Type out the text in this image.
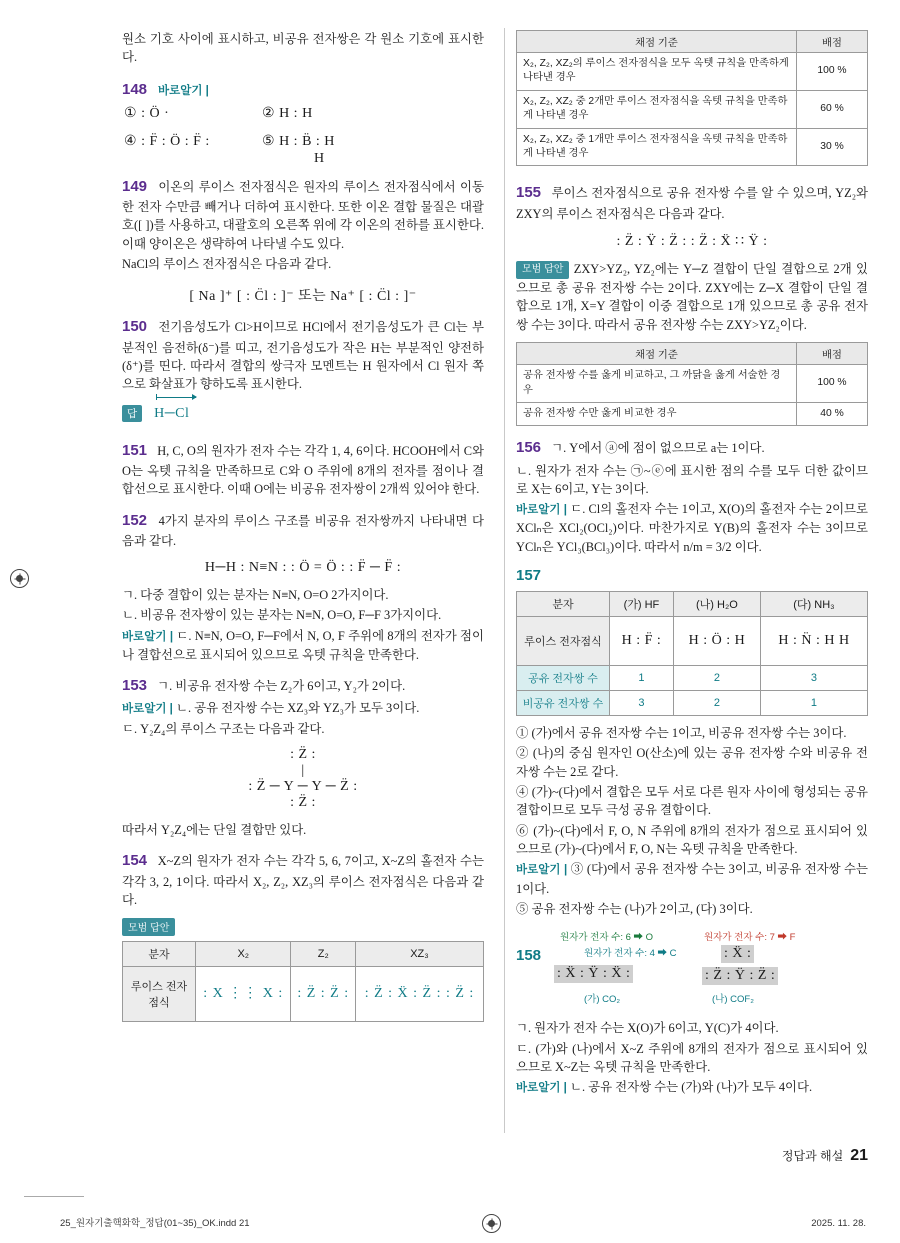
원소 기호 사이에 표시하고, 비공유 전자쌍은 각 원소 기호에 표시한다.

148 바로알기 |
① : Ö ·	② H : H
④ : F̈ : Ö : F̈ :	⑤ H : B̈ : H
H

149 이온의 루이스 전자점식은 원자의 루이스 전자점식에서 이동한 전자 수만큼 빼거나 더하여 표시한다. 또한 이온 결합 물질은 대괄호([ ])를 사용하고, 대괄호의 오른쪽 위에 각 이온의 전하를 표시한다. 이때 양이온은 생략하여 나타낼 수도 있다.

NaCl의 루이스 전자점식은 다음과 같다.

[ Na ]⁺ [ : C̈l : ]⁻ 또는 Na⁺ [ : C̈l : ]⁻

150 전기음성도가 Cl>H이므로 HCl에서 전기음성도가 큰 Cl는 부분적인 음전하(δ⁻)를 띠고, 전기음성도가 작은 H는 부분적인 양전하(δ⁺)를 띤다. 따라서 결합의 쌍극자 모멘트는 H 원자에서 Cl 원자 쪽으로 화살표가 향하도록 표시한다.

답 H─Cl

151 H, C, O의 원자가 전자 수는 각각 1, 4, 6이다. HCOOH에서 C와 O는 옥텟 규칙을 만족하므로 C와 O 주위에 8개의 전자를 점이나 결합선으로 표시한다. 이때 O에는 비공유 전자쌍이 2개씩 있어야 한다.

152 4가지 분자의 루이스 구조를 비공유 전자쌍까지 나타내면 다음과 같다.

H─H : N≡N : : Ö = Ö : : F̈ ─ F̈ :

ㄱ. 다중 결합이 있는 분자는 N≡N, O=O 2가지이다.

ㄴ. 비공유 전자쌍이 있는 분자는 N≡N, O=O, F─F 3가지이다.

바로알기 | ㄷ. N≡N, O=O, F─F에서 N, O, F 주위에 8개의 전자가 점이나 결합선으로 표시되어 있으므로 옥텟 규칙을 만족한다.

153 ㄱ. 비공유 전자쌍 수는 Z₂가 6이고, Y₂가 2이다.

바로알기 | ㄴ. 공유 전자쌍 수는 XZ₃와 YZ₃가 모두 3이다.

ㄷ. Y₂Z₄의 루이스 구조는 다음과 같다.

: Z̈ :
|
: Z̈ ─ Y ─ Y ─ Z̈ :
: Z̈ :

따라서 Y₂Z₄에는 단일 결합만 있다.

154 X~Z의 원자가 전자 수는 각각 5, 6, 7이고, X~Z의 홀전자 수는 각각 3, 2, 1이다. 따라서 X₂, Z₂, XZ₃의 루이스 전자점식은 다음과 같다.

모범 답안
분자	X₂	Z₂	XZ₃
루이스 전자점식	: X ⋮⋮ X :	: Z̈ : Z̈ :	: Z̈ : Ẍ : Z̈ : : Z̈ :
채점 기준	배점
X₂, Z₂, XZ₂의 루이스 전자점식을 모두 옥텟 규칙을 만족하게 나타낸 경우	100 %
X₂, Z₂, XZ₂ 중 2개만 루이스 전자점식을 옥텟 규칙을 만족하게 나타낸 경우	60 %
X₂, Z₂, XZ₂ 중 1개만 루이스 전자점식을 옥텟 규칙을 만족하게 나타낸 경우	30 %

155 루이스 전자점식으로 공유 전자쌍 수를 알 수 있으며, YZ₂와 ZXY의 루이스 전자점식은 다음과 같다.

: Z̈ : Ÿ : Z̈ : : Z̈ : Ẍ ∷ Ÿ :

모범 답안 ZXY>YZ₂, YZ₂에는 Y─Z 결합이 단일 결합으로 2개 있으므로 총 공유 전자쌍 수는 2이다. ZXY에는 Z─X 결합이 단일 결합으로 1개, X=Y 결합이 이중 결합으로 1개 있으므로 총 공유 전자쌍 수는 3이다. 따라서 공유 전자쌍 수는 ZXY>YZ₂이다.

채점 기준	배점
공유 전자쌍 수를 옳게 비교하고, 그 까닭을 옳게 서술한 경우	100 %
공유 전자쌍 수만 옳게 비교한 경우	40 %

156 ㄱ. Y에서 ⓐ에 점이 없으므로 a는 1이다.

ㄴ. 원자가 전자 수는 ㉠~ⓔ에 표시한 점의 수를 모두 더한 값이므로 X는 6이고, Y는 3이다.

바로알기 | ㄷ. Cl의 홀전자 수는 1이고, X(O)의 홀전자 수는 2이므로 XClₙ은 XCl₂(OCl₂)이다. 마찬가지로 Y(B)의 홀전자 수는 3이므로 YClₙ은 YCl₃(BCl₃)이다. 따라서 n/m = 3/2 이다.

157
분자	(가) HF	(나) H₂O	(다) NH₃
루이스 전자점식	H : F̈ :	H : Ö : H	H : N̈ : H H
공유 전자쌍 수	1	2	3
비공유 전자쌍 수	3	2	1

① (가)에서 공유 전자쌍 수는 1이고, 비공유 전자쌍 수는 3이다.

② (나)의 중심 원자인 O(산소)에 있는 공유 전자쌍 수와 비공유 전자쌍 수는 2로 같다.

④ (가)~(다)에서 결합은 모두 서로 다른 원자 사이에 형성되는 공유 결합이므로 모두 극성 공유 결합이다.

⑥ (가)~(다)에서 F, O, N 주위에 8개의 전자가 점으로 표시되어 있으므로 (가)~(다)에서 F, O, N는 옥텟 규칙을 만족한다.

바로알기 | ③ (다)에서 공유 전자쌍 수는 3이고, 비공유 전자쌍 수는 1이다.

⑤ 공유 전자쌍 수는 (나)가 2이고, (다) 3이다.

158
원자가 전자 수: 6 ➡ O	원자가 전자 수: 7 ➡ F
원자가 전자 수: 4 ➡ C
: Ẍ : Ÿ : Ẍ :
: Ẍ :
: Z̈ : Ÿ : Z̈ :
(가) CO₂	(나) COF₂

ㄱ. 원자가 전자 수는 X(O)가 6이고, Y(C)가 4이다.

ㄷ. (가)와 (나)에서 X~Z 주위에 8개의 전자가 점으로 표시되어 있으므로 X~Z는 옥텟 규칙을 만족한다.

바로알기 | ㄴ. 공유 전자쌍 수는 (가)와 (나)가 모두 4이다.

정답과 해설 21
25_원자기출핵화학_정답(01~35)_OK.indd 21	2025. 11. 28.
